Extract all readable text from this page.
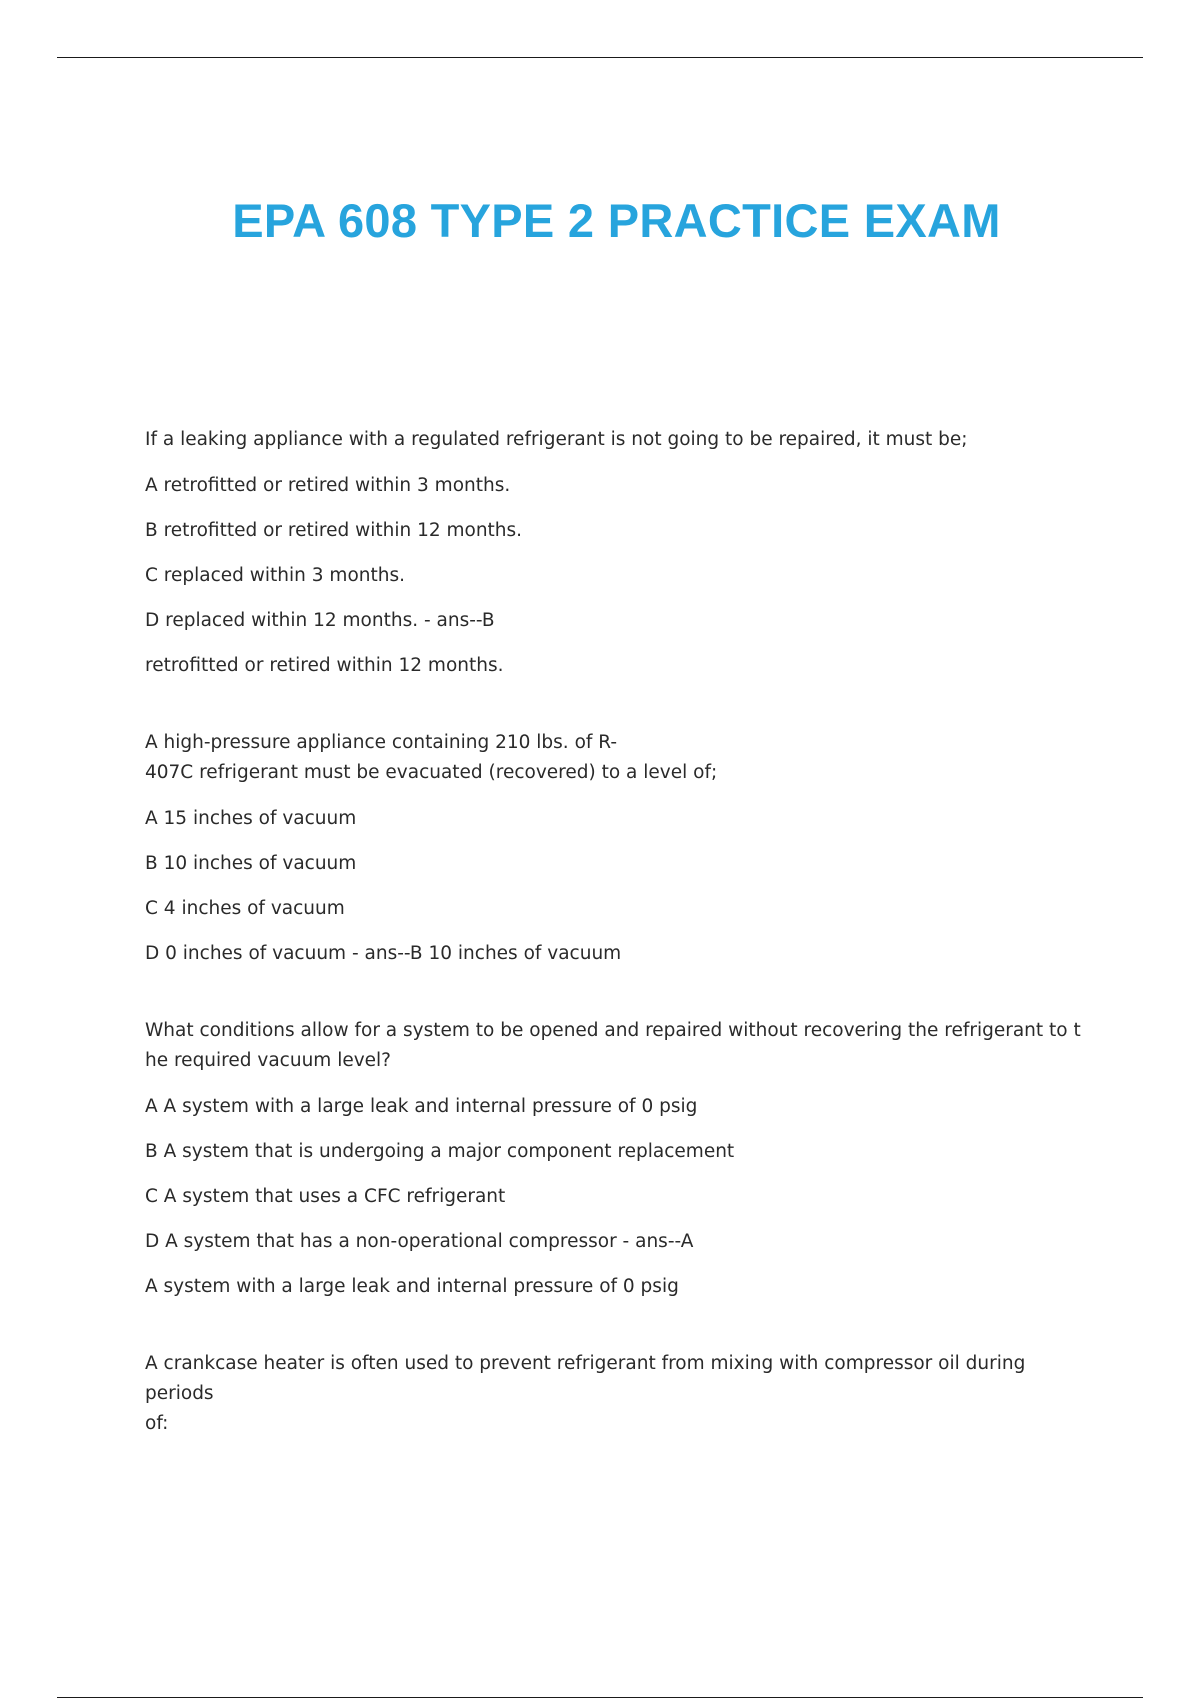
EPA 608 TYPE 2 PRACTICE EXAM
If a leaking appliance with a regulated refrigerant is not going to be repaired, it must be;
A retrofitted or retired within 3 months.
B retrofitted or retired within 12 months.
C replaced within 3 months.
D replaced within 12 months. - ans--B
retrofitted or retired within 12 months.
A high-pressure appliance containing 210 lbs. of R-
407C refrigerant must be evacuated (recovered) to a level of;
A 15 inches of vacuum
B 10 inches of vacuum
C 4 inches of vacuum
D 0 inches of vacuum - ans--B 10 inches of vacuum
What conditions allow for a system to be opened and repaired without recovering the refrigerant to t
he required vacuum level?
A A system with a large leak and internal pressure of 0 psig
B A system that is undergoing a major component replacement
C A system that uses a CFC refrigerant
D A system that has a non-operational compressor - ans--A
A system with a large leak and internal pressure of 0 psig
A crankcase heater is often used to prevent refrigerant from mixing with compressor oil during periods
of:
